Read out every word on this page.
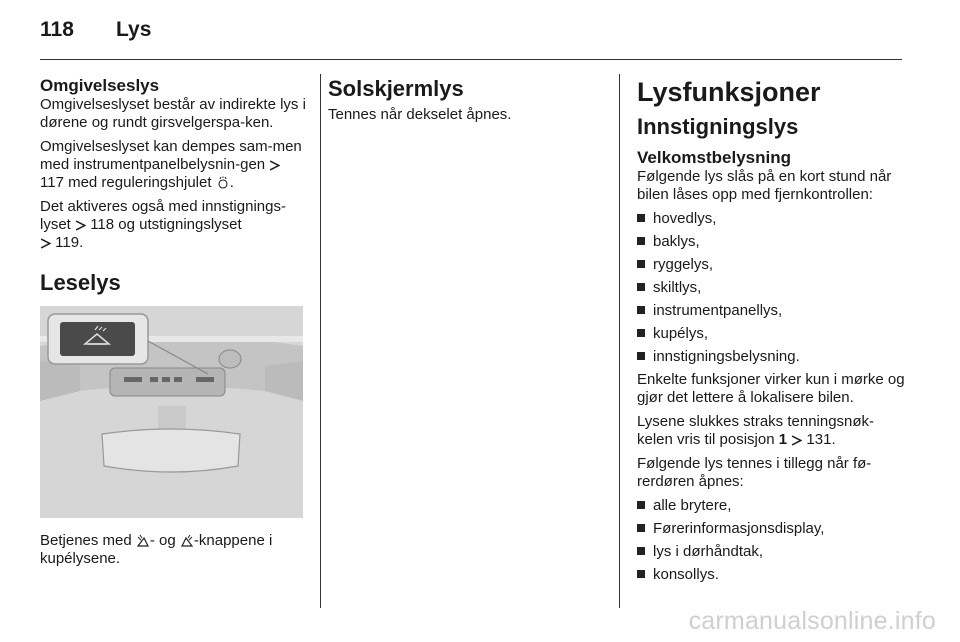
118	Lys
Omgivelseslys

Omgivelseslyset består av indirekte lys i dørene og rundt girsvelgerspa-ken.

Omgivelseslyset kan dempes sam-men med instrumentpanelbelysnin-gen  117 med reguleringshjulet .

Det aktiveres også med innstignings-lyset  118 og utstigningslyset
119.

Leselys

Betjenes med - og -knappene i kupélysene.

Solskjermlys

Tennes når dekselet åpnes.

Lysfunksjoner
Innstigningslys
Velkomstbelysning

Følgende lys slås på en kort stund når bilen låses opp med fjernkontrollen:

hovedlys,
baklys,
ryggelys,
skiltlys,
instrumentpanellys,
kupélys,
innstigningsbelysning.

Enkelte funksjoner virker kun i mørke og gjør det lettere å lokalisere bilen.

Lysene slukkes straks tenningsnøk-kelen vris til posisjon 1 131.

Følgende lys tennes i tillegg når fø-rerdøren åpnes:

alle brytere,
Førerinformasjonsdisplay,
lys i dørhåndtak,
konsollys.
carmanualsonline.info
